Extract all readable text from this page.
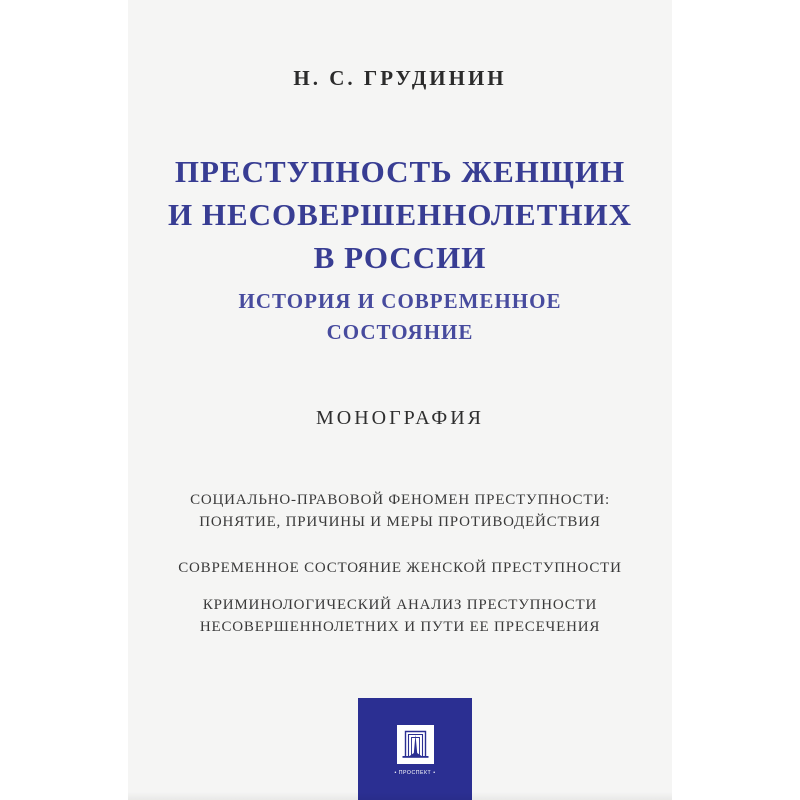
Н. С. ГРУДИНИН
ПРЕСТУПНОСТЬ ЖЕНЩИН
И НЕСОВЕРШЕННОЛЕТНИХ
В РОССИИ
ИСТОРИЯ И СОВРЕМЕННОЕ
СОСТОЯНИЕ
МОНОГРАФИЯ
СОЦИАЛЬНО-ПРАВОВОЙ ФЕНОМЕН ПРЕСТУПНОСТИ:
ПОНЯТИЕ, ПРИЧИНЫ И МЕРЫ ПРОТИВОДЕЙСТВИЯ
СОВРЕМЕННОЕ СОСТОЯНИЕ ЖЕНСКОЙ ПРЕСТУПНОСТИ
КРИМИНОЛОГИЧЕСКИЙ АНАЛИЗ ПРЕСТУПНОСТИ
НЕСОВЕРШЕННОЛЕТНИХ И ПУТИ ЕЕ ПРЕСЕЧЕНИЯ
• ПРОСПЕКТ •
